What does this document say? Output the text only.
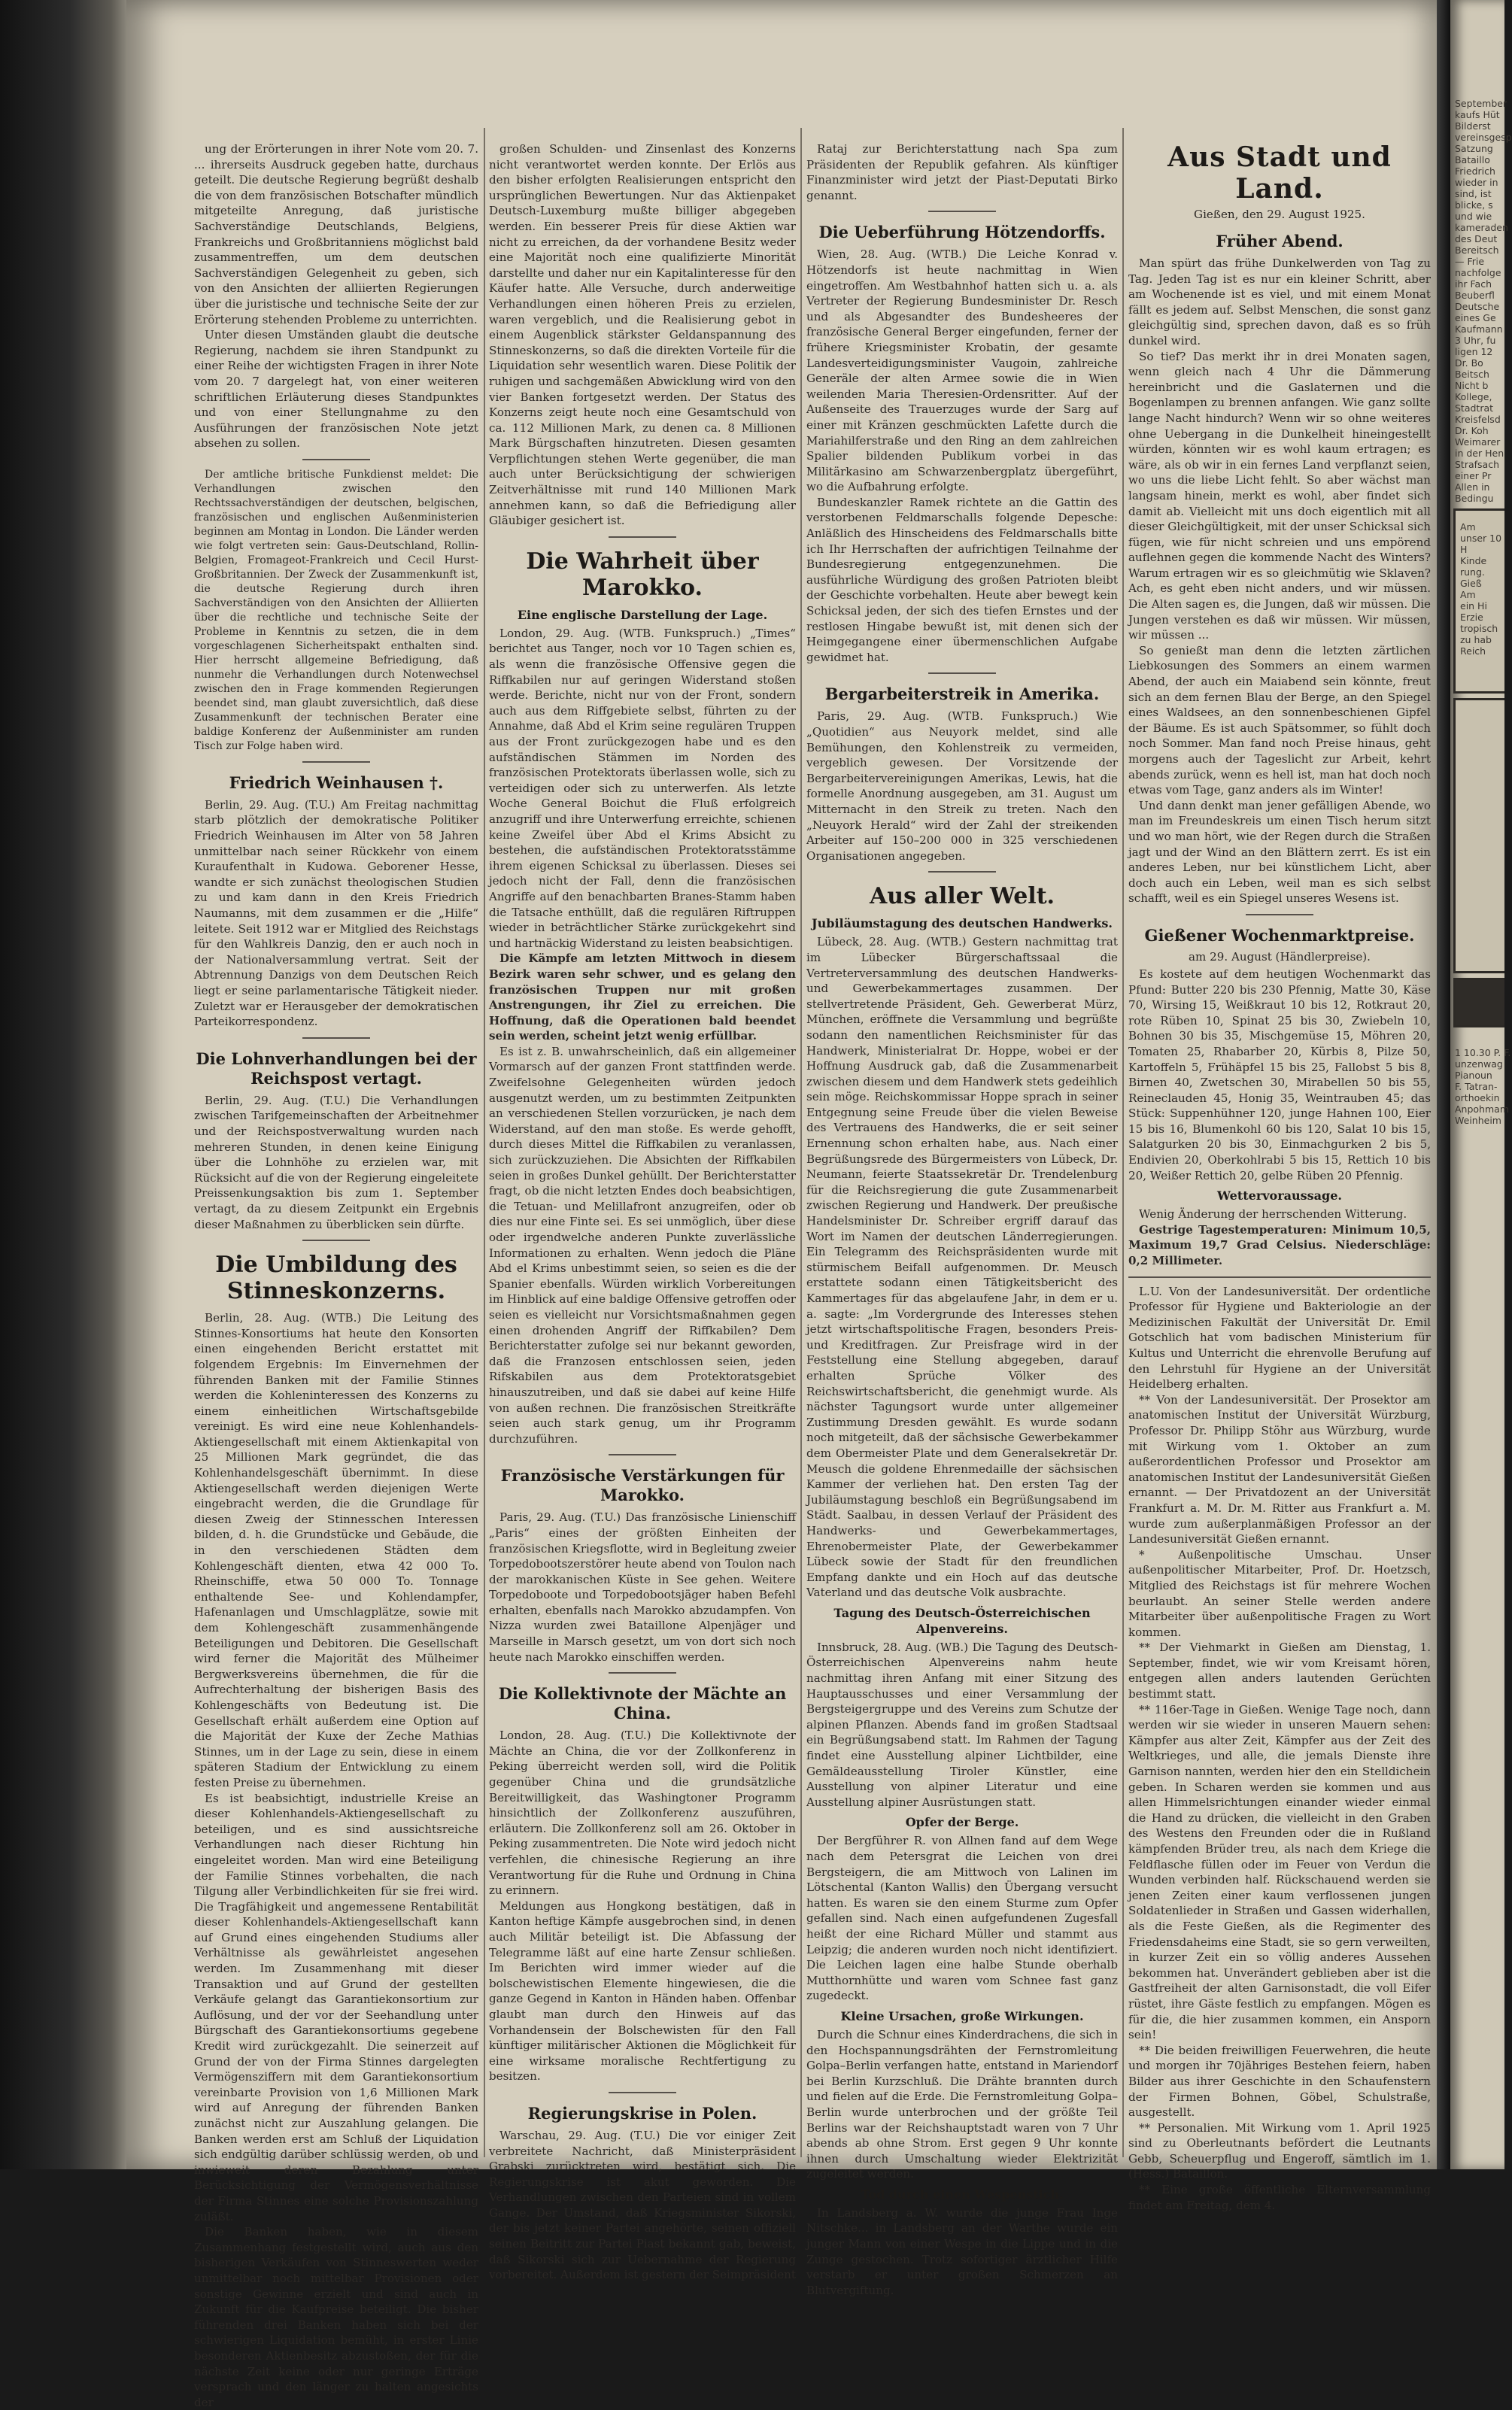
ung der Erörterungen in ihrer Note vom 20. 7. ... ihrerseits Ausdruck gegeben hatte, durchaus geteilt. Die deutsche Regierung begrüßt deshalb die von dem französischen Botschafter mündlich mitgeteilte Anregung, daß juristische Sachverständige Deutschlands, Belgiens, Frankreichs und Großbritanniens möglichst bald zusammentreffen, um dem deutschen Sachverständigen Gelegenheit zu geben, sich von den Ansichten der alliierten Regierungen über die juristische und technische Seite der zur Erörterung stehenden Probleme zu unterrichten.

Unter diesen Umständen glaubt die deutsche Regierung, nachdem sie ihren Standpunkt zu einer Reihe der wichtigsten Fragen in ihrer Note vom 20. 7 dargelegt hat, von einer weiteren schriftlichen Erläuterung dieses Standpunktes und von einer Stellungnahme zu den Ausführungen der französischen Note jetzt absehen zu sollen.

Der amtliche britische Funkdienst meldet: Die Verhandlungen zwischen den Rechtssachverständigen der deutschen, belgischen, französischen und englischen Außenministerien beginnen am Montag in London. Die Länder werden wie folgt vertreten sein: Gaus-Deutschland, Rollin-Belgien, Fromageot-Frankreich und Cecil Hurst-Großbritannien. Der Zweck der Zusammenkunft ist, die deutsche Regierung durch ihren Sachverständigen von den Ansichten der Alliierten über die rechtliche und technische Seite der Probleme in Kenntnis zu setzen, die in dem vorgeschlagenen Sicherheitspakt enthalten sind. Hier herrscht allgemeine Befriedigung, daß nunmehr die Verhandlungen durch Notenwechsel zwischen den in Frage kommenden Regierungen beendet sind, man glaubt zuversichtlich, daß diese Zusammenkunft der technischen Berater eine baldige Konferenz der Außenminister am runden Tisch zur Folge haben wird.

Friedrich Weinhausen †.

Berlin, 29. Aug. (T.U.) Am Freitag nachmittag starb plötzlich der demokratische Politiker Friedrich Weinhausen im Alter von 58 Jahren unmittelbar nach seiner Rückkehr von einem Kuraufenthalt in Kudowa. Geborener Hesse, wandte er sich zunächst theologischen Studien zu und kam dann in den Kreis Friedrich Naumanns, mit dem zusammen er die „Hilfe“ leitete. Seit 1912 war er Mitglied des Reichstags für den Wahlkreis Danzig, den er auch noch in der Nationalversammlung vertrat. Seit der Abtrennung Danzigs von dem Deutschen Reich liegt er seine parlamentarische Tätigkeit nieder. Zuletzt war er Herausgeber der demokratischen Parteikorrespondenz.

Die Lohnverhandlungen bei der Reichspost vertagt.

Berlin, 29. Aug. (T.U.) Die Verhandlungen zwischen Tarifgemeinschaften der Arbeitnehmer und der Reichspostverwaltung wurden nach mehreren Stunden, in denen keine Einigung über die Lohnhöhe zu erzielen war, mit Rücksicht auf die von der Regierung eingeleitete Preissenkungsaktion bis zum 1. September vertagt, da zu diesem Zeitpunkt ein Ergebnis dieser Maßnahmen zu überblicken sein dürfte.

Die Umbildung des Stinneskonzerns.

Berlin, 28. Aug. (WTB.) Die Leitung des Stinnes-Konsortiums hat heute den Konsorten einen eingehenden Bericht erstattet mit folgendem Ergebnis: Im Einvernehmen der führenden Banken mit der Familie Stinnes werden die Kohleninteressen des Konzerns zu einem einheitlichen Wirtschaftsgebilde vereinigt. Es wird eine neue Kohlenhandels-Aktiengesellschaft mit einem Aktienkapital von 25 Millionen Mark gegründet, die das Kohlenhandelsgeschäft übernimmt. In diese Aktiengesellschaft werden diejenigen Werte eingebracht werden, die die Grundlage für diesen Zweig der Stinnesschen Interessen bilden, d. h. die Grundstücke und Gebäude, die in den verschiedenen Städten dem Kohlengeschäft dienten, etwa 42 000 To. Rheinschiffe, etwa 50 000 To. Tonnage enthaltende See- und Kohlendampfer, Hafenanlagen und Umschlagplätze, sowie mit dem Kohlengeschäft zusammenhängende Beteiligungen und Debitoren. Die Gesellschaft wird ferner die Majorität des Mülheimer Bergwerksvereins übernehmen, die für die Aufrechterhaltung der bisherigen Basis des Kohlengeschäfts von Bedeutung ist. Die Gesellschaft erhält außerdem eine Option auf die Majorität der Kuxe der Zeche Mathias Stinnes, um in der Lage zu sein, diese in einem späteren Stadium der Entwicklung zu einem festen Preise zu übernehmen.

Es ist beabsichtigt, industrielle Kreise an dieser Kohlenhandels-Aktiengesellschaft zu beteiligen, und es sind aussichtsreiche Verhandlungen nach dieser Richtung hin eingeleitet worden. Man wird eine Beteiligung der Familie Stinnes vorbehalten, die nach Tilgung aller Verbindlichkeiten für sie frei wird. Die Tragfähigkeit und angemessene Rentabilität dieser Kohlenhandels-Aktiengesellschaft kann auf Grund eines eingehenden Studiums aller Verhältnisse als gewährleistet angesehen werden. Im Zusammenhang mit dieser Transaktion und auf Grund der gestellten Verkäufe gelangt das Garantiekonsortium zur Auflösung, und der vor der Seehandlung unter Bürgschaft des Garantiekonsortiums gegebene Kredit wird zurückgezahlt. Die seinerzeit auf Grund der von der Firma Stinnes dargelegten Vermögensziffern mit dem Garantiekonsortium vereinbarte Provision von 1,6 Millionen Mark wird auf Anregung der führenden Banken zunächst nicht zur Auszahlung gelangen. Die Banken werden erst am Schluß der Liquidation sich endgültig darüber schlüssig werden, ob und inwieweit deren Bezahlung unter Berücksichtigung der Vermögensverhältnisse der Firma Stinnes eine solche Provisionszahlung zuläßt.

Die Banken haben, wie in diesem Zusammenhang festgestellt wird, auch aus den bisherigen Verkäufen von Stinneswerten weder unmittelbar noch mittelbar Provisionen oder sonstige Gewinne erzielt und sind auch in Zukunft für die Kaufpreise beteiligt. Die bisher führenden drei Banken haben sich bei der schwierigen Liquidation bemüht, in erster Linie besonderen Aktienbesitz abzustoßen, der für die nächste Zeit keine oder nur geringe Erträge versprach und den länger zu halten angesichts der

großen Schulden- und Zinsenlast des Konzerns nicht verantwortet werden konnte. Der Erlös aus den bisher erfolgten Realisierungen entspricht den ursprünglichen Bewertungen. Nur das Aktienpaket Deutsch-Luxemburg mußte billiger abgegeben werden. Ein besserer Preis für diese Aktien war nicht zu erreichen, da der vorhandene Besitz weder eine Majorität noch eine qualifizierte Minorität darstellte und daher nur ein Kapitalinteresse für den Käufer hatte. Alle Versuche, durch anderweitige Verhandlungen einen höheren Preis zu erzielen, waren vergeblich, und die Realisierung gebot in einem Augenblick stärkster Geldanspannung des Stinneskonzerns, so daß die direkten Vorteile für die Liquidation sehr wesentlich waren. Diese Politik der ruhigen und sachgemäßen Abwicklung wird von den vier Banken fortgesetzt werden. Der Status des Konzerns zeigt heute noch eine Gesamtschuld von ca. 112 Millionen Mark, zu denen ca. 8 Millionen Mark Bürgschaften hinzutreten. Diesen gesamten Verpflichtungen stehen Werte gegenüber, die man auch unter Berücksichtigung der schwierigen Zeitverhältnisse mit rund 140 Millionen Mark annehmen kann, so daß die Befriedigung aller Gläubiger gesichert ist.

Die Wahrheit über Marokko.
Eine englische Darstellung der Lage.

London, 29. Aug. (WTB. Funkspruch.) „Times“ berichtet aus Tanger, noch vor 10 Tagen schien es, als wenn die französische Offensive gegen die Riffkabilen nur auf geringen Widerstand stoßen werde. Berichte, nicht nur von der Front, sondern auch aus dem Riffgebiete selbst, führten zu der Annahme, daß Abd el Krim seine regulären Truppen aus der Front zurückgezogen habe und es den aufständischen Stämmen im Norden des französischen Protektorats überlassen wolle, sich zu verteidigen oder sich zu unterwerfen. Als letzte Woche General Boichut die Fluß erfolgreich anzugriff und ihre Unterwerfung erreichte, schienen keine Zweifel über Abd el Krims Absicht zu bestehen, die aufständischen Protektoratsstämme ihrem eigenen Schicksal zu überlassen. Dieses sei jedoch nicht der Fall, denn die französischen Angriffe auf den benachbarten Branes-Stamm haben die Tatsache enthüllt, daß die regulären Riftruppen wieder in beträchtlicher Stärke zurückgekehrt sind und hartnäckig Widerstand zu leisten beabsichtigen.

Die Kämpfe am letzten Mittwoch in diesem Bezirk waren sehr schwer, und es gelang den französischen Truppen nur mit großen Anstrengungen, ihr Ziel zu erreichen. Die Hoffnung, daß die Operationen bald beendet sein werden, scheint jetzt wenig erfüllbar.

Es ist z. B. unwahrscheinlich, daß ein allgemeiner Vormarsch auf der ganzen Front stattfinden werde. Zweifelsohne Gelegenheiten würden jedoch ausgenutzt werden, um zu bestimmten Zeitpunkten an verschiedenen Stellen vorzurücken, je nach dem Widerstand, auf den man stoße. Es werde gehofft, durch dieses Mittel die Riffkabilen zu veranlassen, sich zurückzuziehen. Die Absichten der Riffkabilen seien in großes Dunkel gehüllt. Der Berichterstatter fragt, ob die nicht letzten Endes doch beabsichtigen, die Tetuan- und Melillafront anzugreifen, oder ob dies nur eine Finte sei. Es sei unmöglich, über diese oder irgendwelche anderen Punkte zuverlässliche Informationen zu erhalten. Wenn jedoch die Pläne Abd el Krims unbestimmt seien, so seien es die der Spanier ebenfalls. Würden wirklich Vorbereitungen im Hinblick auf eine baldige Offensive getroffen oder seien es vielleicht nur Vorsichtsmaßnahmen gegen einen drohenden Angriff der Riffkabilen? Dem Berichterstatter zufolge sei nur bekannt geworden, daß die Franzosen entschlossen seien, jeden Rifskabilen aus dem Protektoratsgebiet hinauszutreiben, und daß sie dabei auf keine Hilfe von außen rechnen. Die französischen Streitkräfte seien auch stark genug, um ihr Programm durchzuführen.

Französische Verstärkungen für Marokko.

Paris, 29. Aug. (T.U.) Das französische Linienschiff „Paris“ eines der größten Einheiten der französischen Kriegsflotte, wird in Begleitung zweier Torpedobootszerstörer heute abend von Toulon nach der marokkanischen Küste in See gehen. Weitere Torpedoboote und Torpedobootsjäger haben Befehl erhalten, ebenfalls nach Marokko abzudampfen. Von Nizza wurden zwei Bataillone Alpenjäger und Marseille in Marsch gesetzt, um von dort sich noch heute nach Marokko einschiffen werden.

Die Kollektivnote der Mächte an China.

London, 28. Aug. (T.U.) Die Kollektivnote der Mächte an China, die vor der Zollkonferenz in Peking überreicht werden soll, wird die Politik gegenüber China und die grundsätzliche Bereitwilligkeit, das Washingtoner Programm hinsichtlich der Zollkonferenz auszuführen, erläutern. Die Zollkonferenz soll am 26. Oktober in Peking zusammentreten. Die Note wird jedoch nicht verfehlen, die chinesische Regierung an ihre Verantwortung für die Ruhe und Ordnung in China zu erinnern.

Meldungen aus Hongkong bestätigen, daß in Kanton heftige Kämpfe ausgebrochen sind, in denen auch Militär beteiligt ist. Die Abfassung der Telegramme läßt auf eine harte Zensur schließen. Im Berichten wird immer wieder auf die bolschewistischen Elemente hingewiesen, die die ganze Gegend in Kanton in Händen haben. Offenbar glaubt man durch den Hinweis auf das Vorhandensein der Bolschewisten für den Fall künftiger militärischer Aktionen die Möglichkeit für eine wirksame moralische Rechtfertigung zu besitzen.

Regierungskrise in Polen.

Warschau, 29. Aug. (T.U.) Die vor einiger Zeit verbreitete Nachricht, daß Ministerpräsident Grabski zurücktreten wird, bestätigt sich. Die Regierungskrise ist akut geworden. Die Verhandlungen zwischen den Parteien sind in vollem Gange. Der Umstand, daß Kriegsminister Sikorski, der bis jetzt keiner Partei angehörte, seinen offiziell seinen Beitritt zur Partei Piast bekannt gab, beweist, daß Sikorski sich zur Uebernahme der Regierung vorbereitet. Außerdem ist gestern der Seimpräsident

Rataj zur Berichterstattung nach Spa zum Präsidenten der Republik gefahren. Als künftiger Finanzminister wird jetzt der Piast-Deputati Birko genannt.

Die Ueberführung Hötzendorffs.

Wien, 28. Aug. (WTB.) Die Leiche Konrad v. Hötzendorfs ist heute nachmittag in Wien eingetroffen. Am Westbahnhof hatten sich u. a. als Vertreter der Regierung Bundesminister Dr. Resch und als Abgesandter des Bundesheeres der französische General Berger eingefunden, ferner der frühere Kriegsminister Krobatin, der gesamte Landesverteidigungsminister Vaugoin, zahlreiche Generäle der alten Armee sowie die in Wien weilenden Maria Theresien-Ordensritter. Auf der Außenseite des Trauerzuges wurde der Sarg auf einer mit Kränzen geschmückten Lafette durch die Mariahilferstraße und den Ring an dem zahlreichen Spalier bildenden Publikum vorbei in das Militärkasino am Schwarzenbergplatz übergeführt, wo die Aufbahrung erfolgte.

Bundeskanzler Ramek richtete an die Gattin des verstorbenen Feldmarschalls folgende Depesche: Anläßlich des Hinscheidens des Feldmarschalls bitte ich Ihr Herrschaften der aufrichtigen Teilnahme der Bundesregierung entgegenzunehmen. Die ausführliche Würdigung des großen Patrioten bleibt der Geschichte vorbehalten. Heute aber bewegt kein Schicksal jeden, der sich des tiefen Ernstes und der restlosen Hingabe bewußt ist, mit denen sich der Heimgegangene einer übermenschlichen Aufgabe gewidmet hat.

Bergarbeiterstreik in Amerika.

Paris, 29. Aug. (WTB. Funkspruch.) Wie „Quotidien“ aus Neuyork meldet, sind alle Bemühungen, den Kohlenstreik zu vermeiden, vergeblich gewesen. Der Vorsitzende der Bergarbeitervereinigungen Amerikas, Lewis, hat die formelle Anordnung ausgegeben, am 31. August um Mitternacht in den Streik zu treten. Nach den „Neuyork Herald“ wird der Zahl der streikenden Arbeiter auf 150–200 000 in 325 verschiedenen Organisationen angegeben.

Aus aller Welt.
Jubiläumstagung des deutschen Handwerks.

Lübeck, 28. Aug. (WTB.) Gestern nachmittag trat im Lübecker Bürgerschaftssaal die Vertreterversammlung des deutschen Handwerks- und Gewerbekammertages zusammen. Der stellvertretende Präsident, Geh. Gewerberat Mürz, München, eröffnete die Versammlung und begrüßte sodann den namentlichen Reichsminister für das Handwerk, Ministerialrat Dr. Hoppe, wobei er der Hoffnung Ausdruck gab, daß die Zusammenarbeit zwischen diesem und dem Handwerk stets gedeihlich sein möge. Reichskommissar Hoppe sprach in seiner Entgegnung seine Freude über die vielen Beweise des Vertrauens des Handwerks, die er seit seiner Ernennung schon erhalten habe, aus. Nach einer Begrüßungsrede des Bürgermeisters von Lübeck, Dr. Neumann, feierte Staatssekretär Dr. Trendelenburg für die Reichsregierung die gute Zusammenarbeit zwischen Regierung und Handwerk. Der preußische Handelsminister Dr. Schreiber ergriff darauf das Wort im Namen der deutschen Länderregierungen. Ein Telegramm des Reichspräsidenten wurde mit stürmischem Beifall aufgenommen. Dr. Meusch erstattete sodann einen Tätigkeitsbericht des Kammertages für das abgelaufene Jahr, in dem er u. a. sagte: „Im Vordergrunde des Interesses stehen jetzt wirtschaftspolitische Fragen, besonders Preis- und Kreditfragen. Zur Preisfrage wird in der Feststellung eine Stellung abgegeben, darauf erhalten Sprüche Völker des Reichswirtschaftsbericht, die genehmigt wurde. Als nächster Tagungsort wurde unter allgemeiner Zustimmung Dresden gewählt. Es wurde sodann noch mitgeteilt, daß der sächsische Gewerbekammer dem Obermeister Plate und dem Generalsekretär Dr. Meusch die goldene Ehrenmedaille der sächsischen Kammer der verliehen hat. Den ersten Tag der Jubiläumstagung beschloß ein Begrüßungsabend im Städt. Saalbau, in dessen Verlauf der Präsident des Handwerks- und Gewerbekammertages, Ehrenobermeister Plate, der Gewerbekammer Lübeck sowie der Stadt für den freundlichen Empfang dankte und ein Hoch auf das deutsche Vaterland und das deutsche Volk ausbrachte.

Tagung des Deutsch-Österreichischen Alpenvereins.

Innsbruck, 28. Aug. (WB.) Die Tagung des Deutsch-Österreichischen Alpenvereins nahm heute nachmittag ihren Anfang mit einer Sitzung des Hauptausschusses und einer Versammlung der Bergsteigergruppe und des Vereins zum Schutze der alpinen Pflanzen. Abends fand im großen Stadtsaal ein Begrüßungsabend statt. Im Rahmen der Tagung findet eine Ausstellung alpiner Lichtbilder, eine Gemäldeausstellung Tiroler Künstler, eine Ausstellung von alpiner Literatur und eine Ausstellung alpiner Ausrüstungen statt.

Opfer der Berge.

Der Bergführer R. von Allnen fand auf dem Wege nach dem Petersgrat die Leichen von drei Bergsteigern, die am Mittwoch von Lalinen im Lötschental (Kanton Wallis) den Übergang versucht hatten. Es waren sie den einem Sturme zum Opfer gefallen sind. Nach einen aufgefundenen Zugesfall heißt der eine Richard Müller und stammt aus Leipzig; die anderen wurden noch nicht identifiziert. Die Leichen lagen eine halbe Stunde oberhalb Mutthornhütte und waren vom Schnee fast ganz zugedeckt.

Kleine Ursachen, große Wirkungen.

Durch die Schnur eines Kinderdrachens, die sich in den Hochspannungsdrähten der Fernstromleitung Golpa–Berlin verfangen hatte, entstand in Mariendorf bei Berlin Kurzschluß. Die Drähte brannten durch und fielen auf die Erde. Die Fernstromleitung Golpa–Berlin wurde unterbrochen und der größte Teil Berlins war der Reichshauptstadt waren von 7 Uhr abends ab ohne Strom. Erst gegen 9 Uhr konnte ihnen durch Umschaltung wieder Elektrizität zugeleitet werden.

Tod durch einen Wespenstich.

In Landsberg a. W. wurde die junge Frau Inge Nitschke... in Landsberg an der Warthe wurde ein junger Mann von einer Wespe in die Lippe und in die Zunge gestochen. Trotz sofortiger ärztlicher Hilfe verstarb er unter großen Schmerzen an Blutvergiftung.

Aus Stadt und Land.
Gießen, den 29. August 1925.
Früher Abend.

Man spürt das frühe Dunkelwerden von Tag zu Tag. Jeden Tag ist es nur ein kleiner Schritt, aber am Wochenende ist es viel, und mit einem Monat fällt es jedem auf. Selbst Menschen, die sonst ganz gleichgültig sind, sprechen davon, daß es so früh dunkel wird.

So tief? Das merkt ihr in drei Monaten sagen, wenn gleich nach 4 Uhr die Dämmerung hereinbricht und die Gaslaternen und die Bogenlampen zu brennen anfangen. Wie ganz sollte lange Nacht hindurch? Wenn wir so ohne weiteres ohne Uebergang in die Dunkelheit hineingestellt würden, könnten wir es wohl kaum ertragen; es wäre, als ob wir in ein fernes Land verpflanzt seien, wo uns die liebe Licht fehlt. So aber wächst man langsam hinein, merkt es wohl, aber findet sich damit ab. Vielleicht mit uns doch eigentlich mit all dieser Gleichgültigkeit, mit der unser Schicksal sich fügen, wie für nicht schreien und uns empörend auflehnen gegen die kommende Nacht des Winters? Warum ertragen wir es so gleichmütig wie Sklaven? Ach, es geht eben nicht anders, und wir müssen. Die Alten sagen es, die Jungen, daß wir müssen. Die Jungen verstehen es daß wir müssen. Wir müssen, wir müssen ...

So genießt man denn die letzten zärtlichen Liebkosungen des Sommers an einem warmen Abend, der auch ein Maiabend sein könnte, freut sich an dem fernen Blau der Berge, an den Spiegel eines Waldsees, an den sonnenbeschienen Gipfel der Bäume. Es ist auch Spätsommer, so fühlt doch noch Sommer. Man fand noch Preise hinaus, geht morgens auch der Tageslicht zur Arbeit, kehrt abends zurück, wenn es hell ist, man hat doch noch etwas vom Tage, ganz anders als im Winter!

Und dann denkt man jener gefälligen Abende, wo man im Freundeskreis um einen Tisch herum sitzt und wo man hört, wie der Regen durch die Straßen jagt und der Wind an den Blättern zerrt. Es ist ein anderes Leben, nur bei künstlichem Licht, aber doch auch ein Leben, weil man es sich selbst schafft, weil es ein Spiegel unseres Wesens ist.

Gießener Wochenmarktpreise.
am 29. August (Händlerpreise).

Es kostete auf dem heutigen Wochenmarkt das Pfund: Butter 220 bis 230 Pfennig, Matte 30, Käse 70, Wirsing 15, Weißkraut 10 bis 12, Rotkraut 20, rote Rüben 10, Spinat 25 bis 30, Zwiebeln 10, Bohnen 30 bis 35, Mischgemüse 15, Möhren 20, Tomaten 25, Rhabarber 20, Kürbis 8, Pilze 50, Kartoffeln 5, Frühäpfel 15 bis 25, Fallobst 5 bis 8, Birnen 40, Zwetschen 30, Mirabellen 50 bis 55, Reineclauden 45, Honig 35, Weintrauben 45; das Stück: Suppenhühner 120, junge Hahnen 100, Eier 15 bis 16, Blumenkohl 60 bis 120, Salat 10 bis 15, Salatgurken 20 bis 30, Einmachgurken 2 bis 5, Endivien 20, Oberkohlrabi 5 bis 15, Rettich 10 bis 20, Weißer Rettich 20, gelbe Rüben 20 Pfennig.

Wettervoraussage.

Wenig Änderung der herrschenden Witterung.

Gestrige Tagestemperaturen: Minimum 10,5, Maximum 19,7 Grad Celsius. Niederschläge: 0,2 Millimeter.

L.U. Von der Landesuniversität. Der ordentliche Professor für Hygiene und Bakteriologie an der Medizinischen Fakultät der Universität Dr. Emil Gotschlich hat vom badischen Ministerium für Kultus und Unterricht die ehrenvolle Berufung auf den Lehrstuhl für Hygiene an der Universität Heidelberg erhalten.

** Von der Landesuniversität. Der Prosektor am anatomischen Institut der Universität Würzburg, Professor Dr. Philipp Stöhr aus Würzburg, wurde mit Wirkung vom 1. Oktober an zum außerordentlichen Professor und Prosektor am anatomischen Institut der Landesuniversität Gießen ernannt. — Der Privatdozent an der Universität Frankfurt a. M. Dr. M. Ritter aus Frankfurt a. M. wurde zum außerplanmäßigen Professor an der Landesuniversität Gießen ernannt.

* Außenpolitische Umschau. Unser außenpolitischer Mitarbeiter, Prof. Dr. Hoetzsch, Mitglied des Reichstags ist für mehrere Wochen beurlaubt. An seiner Stelle werden andere Mitarbeiter über außenpolitische Fragen zu Wort kommen.

** Der Viehmarkt in Gießen am Dienstag, 1. September, findet, wie wir vom Kreisamt hören, entgegen allen anders lautenden Gerüchten bestimmt statt.

** 116er-Tage in Gießen. Wenige Tage noch, dann werden wir sie wieder in unseren Mauern sehen: Kämpfer aus alter Zeit, Kämpfer aus der Zeit des Weltkrieges, und alle, die jemals Dienste ihre Garnison nannten, werden hier den ein Stelldichein geben. In Scharen werden sie kommen und aus allen Himmelsrichtungen einander wieder einmal die Hand zu drücken, die vielleicht in den Graben des Westens den Freunden oder die in Rußland kämpfenden Brüder treu, als nach dem Kriege die Feldflasche füllen oder im Feuer von Verdun die Wunden verbinden half. Rückschauend werden sie jenen Zeiten einer kaum verflossenen jungen Soldatenlieder in Straßen und Gassen widerhallen, als die Feste Gießen, als die Regimenter des Friedensdaheims eine Stadt, sie so gern verweilten, in kurzer Zeit ein so völlig anderes Aussehen bekommen hat. Unverändert geblieben aber ist die Gastfreiheit der alten Garnisonstadt, die voll Eifer rüstet, ihre Gäste festlich zu empfangen. Mögen es für die, die hier zusammen kommen, ein Ansporn sein!

** Die beiden freiwilligen Feuerwehren, die heute und morgen ihr 70jähriges Bestehen feiern, haben Bilder aus ihrer Geschichte in den Schaufenstern der Firmen Bohnen, Göbel, Schulstraße, ausgestellt.

** Personalien. Mit Wirkung vom 1. April 1925 sind zu Oberleutnants befördert die Leutnants Gebb, Scheuerpflug und Engeroff, sämtlich im 1. (Hess.) Bataillon.

** Eine große öffentliche Elternversammlung findet am Freitag, dem 4.

September
kaufs Hüt
Bilderst
vereinsgesp
Satzung
Bataillo
Friedrich
wieder in
sind, ist
blicke, s
und wie
kameraden
des Deut
Bereitsch
— Frie
nachfolge
ihr Fach
Beuberfl
Deutsche
eines Ge
Kaufmann
3 Uhr, fu
ligen 12
Dr. Bo
Beitsch
Nicht b
Kollege,
Stadtrat
Kreisfelsd
Dr. Koh
Weimarer
in der Hen
Strafsach
einer Pr
Allen in
Bedingu
Am
unser 10
H
Kinde
rung.
Gieß
Am
ein Hi
Erzie
tropisch
zu hab
Reich
1 10.30 P. F.
unzenwag
Pianoun
F. Tatran-
orthoekin
Anpohmam
Weinheim
